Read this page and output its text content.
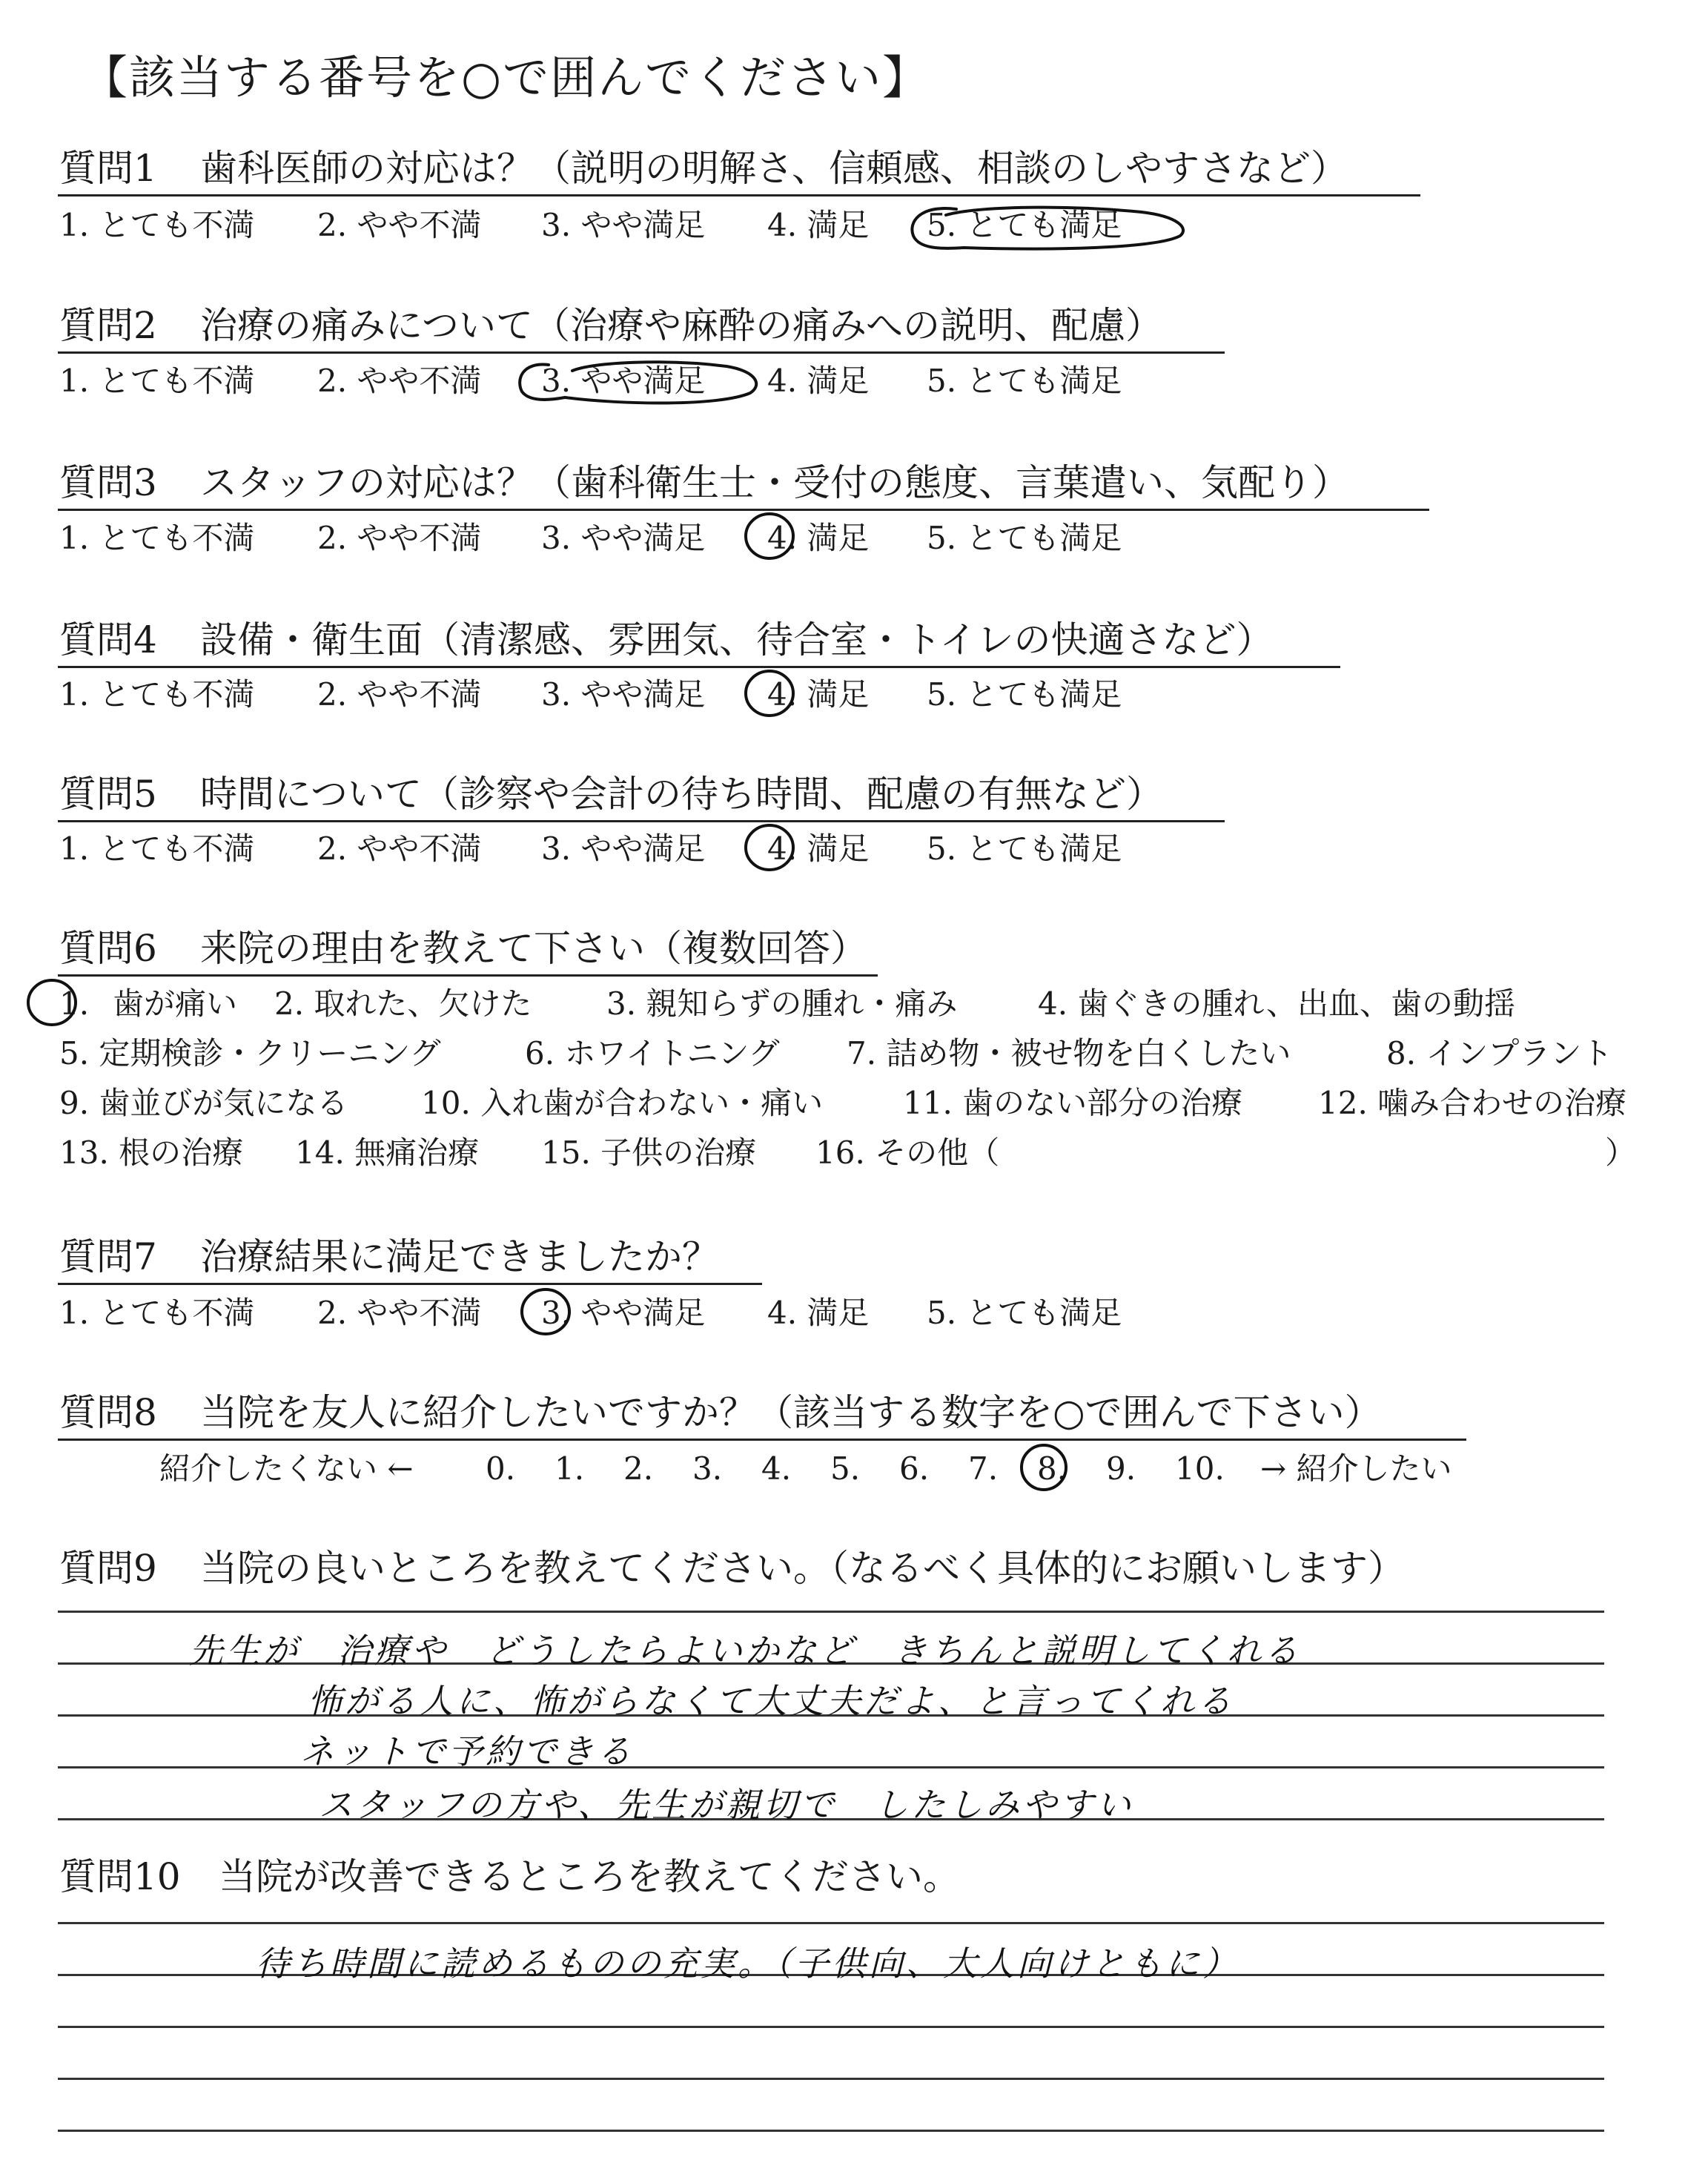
【該当する番号を○で囲んでください】
質問1 歯科医師の対応は？（説明の明解さ、信頼感、相談のしやすさなど）
1. とても不満 2. やや不満 3. やや満足 4. 満足 5. とても満足
質問2 治療の痛みについて（治療や麻酔の痛みへの説明、配慮）
1. とても不満 2. やや不満 3. やや満足 4. 満足 5. とても満足
質問3 スタッフの対応は？（歯科衛生士・受付の態度、言葉遣い、気配り）
1. とても不満 2. やや不満 3. やや満足 4. 満足 5. とても満足
質問4 設備・衛生面（清潔感、雰囲気、待合室・トイレの快適さなど）
1. とても不満 2. やや不満 3. やや満足 4. 満足 5. とても満足
質問5 時間について（診察や会計の待ち時間、配慮の有無など）
1. とても不満 2. やや不満 3. やや満足 4. 満足 5. とても満足
質問6 来院の理由を教えて下さい（複数回答）
1. 歯が痛い 2. 取れた、欠けた 3. 親知らずの腫れ・痛み	4. 歯ぐきの腫れ、出血、歯の動揺
5. 定期検診・クリーニング	6. ホワイトニング 7. 詰め物・被せ物を白くしたい	8. インプラント
9. 歯並びが気になる 10. 入れ歯が合わない・痛い	11. 歯のない部分の治療 12. 噛み合わせの治療
13. 根の治療 14. 無痛治療 15. 子供の治療 16. その他（	）
質問7 治療結果に満足できましたか？
1. とても不満 2. やや不満 3. やや満足 4. 満足 5. とても満足
質問8 当院を友人に紹介したいですか？（該当する数字を○で囲んで下さい）
紹介したくない ← 0. 1. 2. 3. 4. 5. 6. 7. 8. 9. 10. → 紹介したい
質問9 当院の良いところを教えてください。（なるべく具体的にお願いします）
先生が　治療や　どうしたらよいかなど　きちんと説明してくれる
怖がる人に、怖がらなくて大丈夫だよ、と言ってくれる
ネットで予約できる
スタッフの方や、先生が親切で　したしみやすい
質問10 当院が改善できるところを教えてください。
待ち時間に読めるものの充実。（子供向、大人向けともに）
